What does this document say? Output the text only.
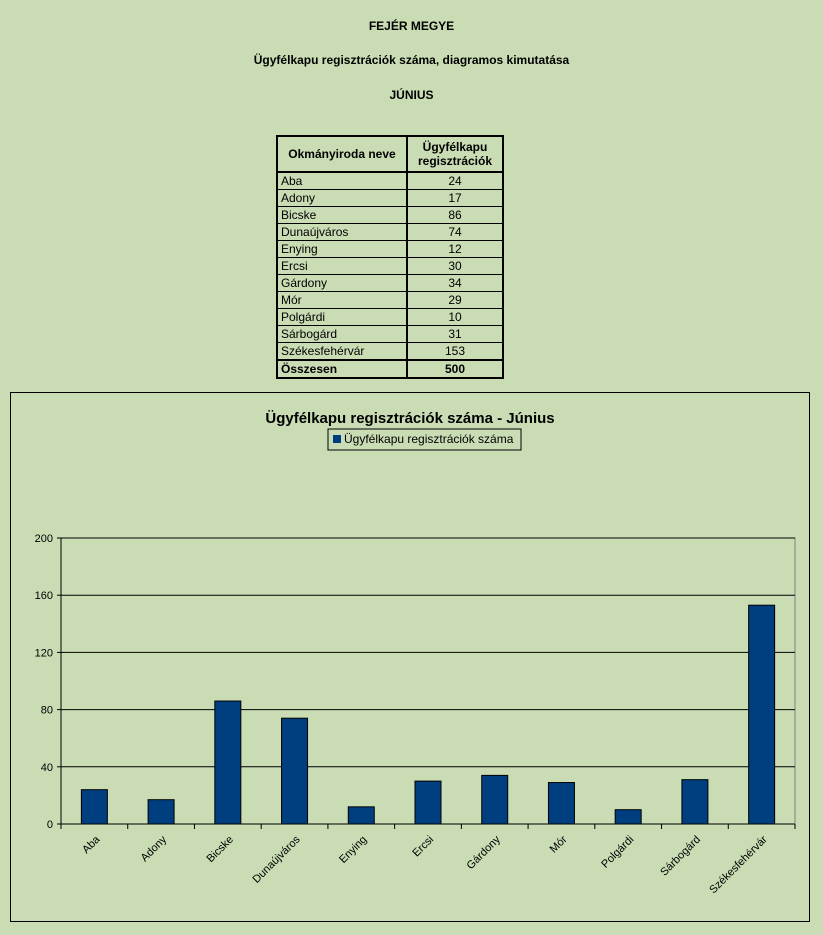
FEJÉR MEGYE
Ügyfélkapu regisztrációk száma, diagramos kimutatása
JÚNIUS
Okmányiroda neve	Ügyfélkapu
regisztrációk
Aba	24
Adony	17
Bicske	86
Dunaújváros	74
Enying	12
Ercsi	30
Gárdony	34
Mór	29
Polgárdi	10
Sárbogárd	31
Székesfehérvár	153
Összesen	500
Ügyfélkapu regisztrációk száma - Június
Ügyfélkapu regisztrációk száma
0
40
80
120
160
200
Aba	Adony	Bicske Dunaújváros	Enying	Ercsi	Gárdony	Mór	Polgárdi Sárbogárd Székesfehérvár
